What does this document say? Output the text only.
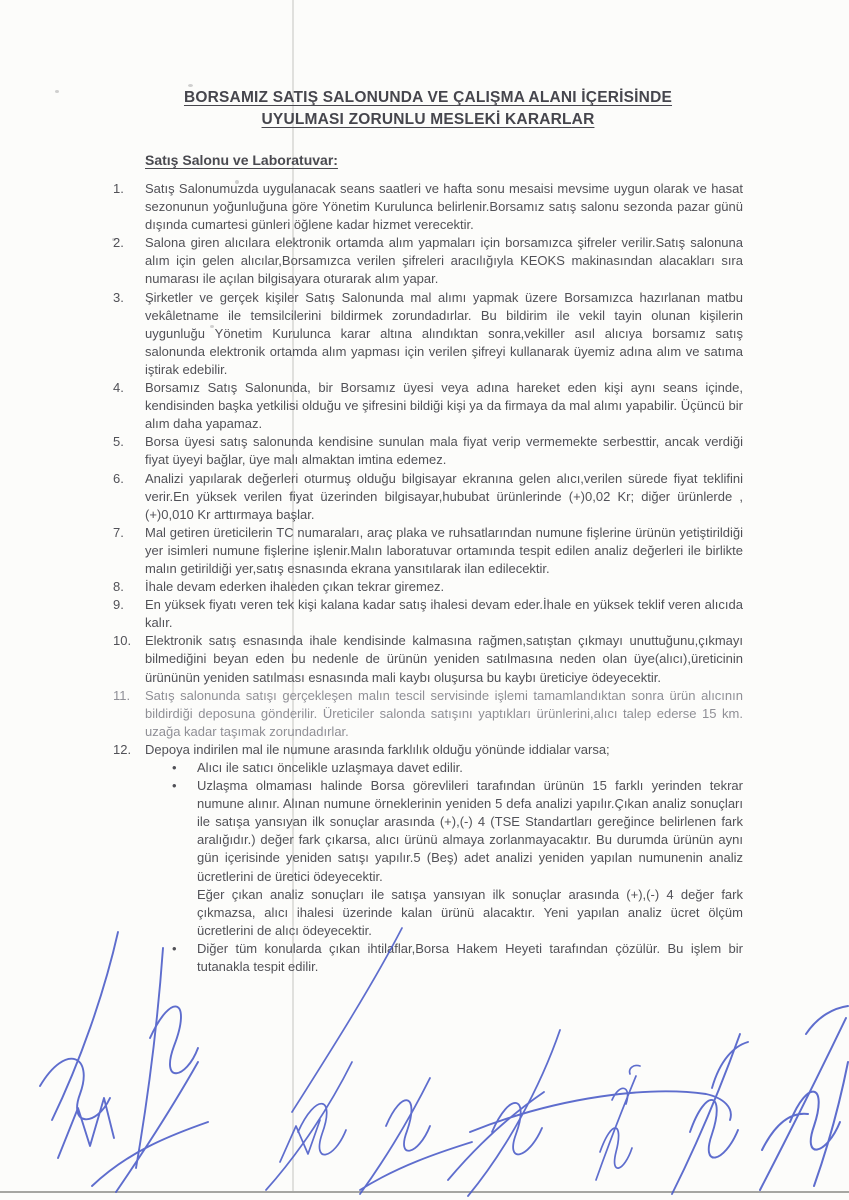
BORSAMIZ SATIŞ SALONUNDA VE ÇALIŞMA ALANI İÇERİSİNDE
UYULMASI ZORUNLU MESLEKİ KARARLAR
Satış Salonu ve Laboratuvar:
1.	Satış Salonumuzda uygulanacak seans saatleri ve hafta sonu mesaisi mevsime uygun olarak ve hasat sezonunun yoğunluğuna göre Yönetim Kurulunca belirlenir.Borsamız satış salonu sezonda pazar günü dışında cumartesi günleri öğlene kadar hizmet verecektir.
2.	Salona giren alıcılara elektronik ortamda alım yapmaları için borsamızca şifreler verilir.Satış salonuna alım için gelen alıcılar,Borsamızca verilen şifreleri aracılığıyla KEOKS makinasından alacakları sıra numarası ile açılan bilgisayara oturarak alım yapar.
3.	Şirketler ve gerçek kişiler Satış Salonunda mal alımı yapmak üzere Borsamızca hazırlanan matbu vekâletname ile temsilcilerini bildirmek zorundadırlar. Bu bildirim ile vekil tayin olunan kişilerin uygunluğu Yönetim Kurulunca karar altına alındıktan sonra,vekiller asıl alıcıya borsamız satış salonunda elektronik ortamda alım yapması için verilen şifreyi kullanarak üyemiz adına alım ve satıma iştirak edebilir.
4.	Borsamız Satış Salonunda, bir Borsamız üyesi veya adına hareket eden kişi aynı seans içinde, kendisinden başka yetkilisi olduğu ve şifresini bildiği kişi ya da firmaya da mal alımı yapabilir. Üçüncü bir alım daha yapamaz.
5.	Borsa üyesi satış salonunda kendisine sunulan mala fiyat verip vermemekte serbesttir, ancak verdiği fiyat üyeyi bağlar, üye malı almaktan imtina edemez.
6.	Analizi yapılarak değerleri oturmuş olduğu bilgisayar ekranına gelen alıcı,verilen sürede fiyat teklifini verir.En yüksek verilen fiyat üzerinden bilgisayar,hububat ürünlerinde (+)0,02 Kr; diğer ürünlerde ,(+)0,010 Kr arttırmaya başlar.
7.	Mal getiren üreticilerin TC numaraları, araç plaka ve ruhsatlarından numune fişlerine ürünün yetiştirildiği yer isimleri numune fişlerine işlenir.Malın laboratuvar ortamında tespit edilen analiz değerleri ile birlikte malın getirildiği yer,satış esnasında ekrana yansıtılarak ilan edilecektir.
8.	İhale devam ederken ihaleden çıkan tekrar giremez.
9.	En yüksek fiyatı veren tek kişi kalana kadar satış ihalesi devam eder.İhale en yüksek teklif veren alıcıda kalır.
10.	Elektronik satış esnasında ihale kendisinde kalmasına rağmen,satıştan çıkmayı unuttuğunu,çıkmayı bilmediğini beyan eden bu nedenle de ürünün yeniden satılmasına neden olan üye(alıcı),üreticinin ürününün yeniden satılması esnasında mali kaybı oluşursa bu kaybı üreticiye ödeyecektir.
11.	Satış salonunda satışı gerçekleşen malın tescil servisinde işlemi tamamlandıktan sonra ürün alıcının bildirdiği deposuna gönderilir. Üreticiler salonda satışını yaptıkları ürünlerini,alıcı talep ederse 15 km. uzağa kadar taşımak zorundadırlar.
12.	Depoya indirilen mal ile numune arasında farklılık olduğu yönünde iddialar varsa;
•	Alıcı ile satıcı öncelikle uzlaşmaya davet edilir.
•	Uzlaşma olmaması halinde Borsa görevlileri tarafından ürünün 15 farklı yerinden tekrar numune alınır. Alınan numune örneklerinin yeniden 5 defa analizi yapılır.Çıkan analiz sonuçları ile satışa yansıyan ilk sonuçlar arasında (+),(-) 4 (TSE Standartları gereğince belirlenen fark aralığıdır.) değer fark çıkarsa, alıcı ürünü almaya zorlanmayacaktır. Bu durumda ürünün aynı gün içerisinde yeniden satışı yapılır.5 (Beş) adet analizi yeniden yapılan numunenin analiz ücretlerini de üretici ödeyecektir.

Eğer çıkan analiz sonuçları ile satışa yansıyan ilk sonuçlar arasında (+),(-) 4 değer fark çıkmazsa, alıcı ihalesi üzerinde kalan ürünü alacaktır. Yeni yapılan analiz ücret ölçüm ücretlerini de alıcı ödeyecektir.

•	Diğer tüm konularda çıkan ihtilaflar,Borsa Hakem Heyeti tarafından çözülür. Bu işlem bir tutanakla tespit edilir.
